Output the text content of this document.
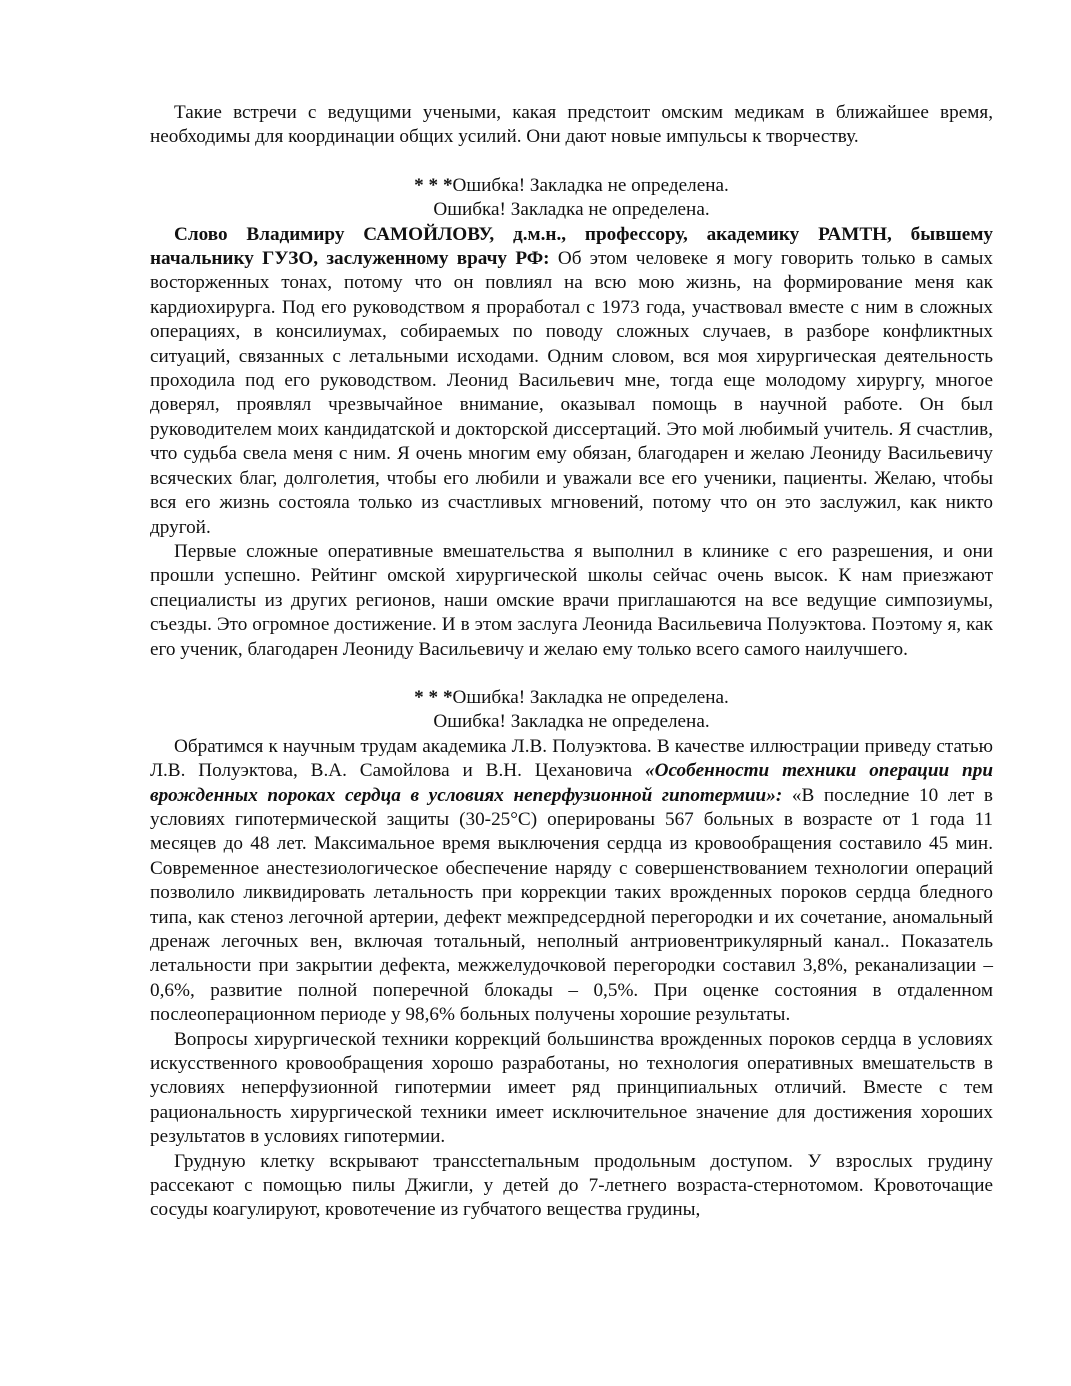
Такие встречи с ведущими учеными, какая предстоит омским медикам в ближайшее время, необходимы для координации общих усилий. Они дают новые импульсы к творчеству.

* * *Ошибка! Закладка не определена.

Ошибка! Закладка не определена.

Слово Владимиру САМОЙЛОВУ, д.м.н., профессору, академику РАМТН, бывшему начальнику ГУЗО, заслуженному врачу РФ: Об этом человеке я могу говорить только в самых восторженных тонах, потому что он повлиял на всю мою жизнь, на формирование меня как кардиохирурга. Под его руководством я проработал с 1973 года, участвовал вместе с ним в сложных операциях, в консилиумах, собираемых по поводу сложных случаев, в разборе конфликтных ситуаций, связанных с летальными исходами. Одним словом, вся моя хирургическая деятельность проходила под его руководством. Леонид Васильевич мне, тогда еще молодому хирургу, многое доверял, проявлял чрезвычайное внимание, оказывал помощь в научной работе. Он был руководителем моих кандидатской и докторской диссертаций. Это мой любимый учитель. Я счастлив, что судьба свела меня с ним. Я очень многим ему обязан, благодарен и желаю Леониду Васильевичу всяческих благ, долголетия, чтобы его любили и уважали все его ученики, пациенты. Желаю, чтобы вся его жизнь состояла только из счастливых мгновений, потому что он это заслужил, как никто другой.

Первые сложные оперативные вмешательства я выполнил в клинике с его разрешения, и они прошли успешно. Рейтинг омской хирургической школы сейчас очень высок. К нам приезжают специалисты из других регионов, наши омские врачи приглашаются на все ведущие симпозиумы, съезды. Это огромное достижение. И в этом заслуга Леонида Васильевича Полуэктова. Поэтому я, как его ученик, благодарен Леониду Васильевичу и желаю ему только всего самого наилучшего.

* * *Ошибка! Закладка не определена.

Ошибка! Закладка не определена.

Обратимся к научным трудам академика Л.В. Полуэктова. В качестве иллюстрации приведу статью Л.В. Полуэктова, В.А. Самойлова и В.Н. Цехановича «Особенности техники операции при врожденных пороках сердца в условиях неперфузионной гипотермии»: «В последние 10 лет в условиях гипотермической защиты (30-25°С) оперированы 567 больных в возрасте от 1 года 11 месяцев до 48 лет. Максимальное время выключения сердца из кровообращения составило 45 мин. Современное анестезиологическое обеспечение наряду с совершенствованием технологии операций позволило ликвидировать летальность при коррекции таких врожденных пороков сердца бледного типа, как стеноз легочной артерии, дефект межпредсердной перегородки и их сочетание, аномальный дренаж легочных вен, включая тотальный, неполный антриовентрикулярный канал.. Показатель летальности при закрытии дефекта, межжелудочковой перегородки составил 3,8%, реканализации – 0,6%, развитие полной поперечной блокады – 0,5%. При оценке состояния в отдаленном послеоперационном периоде у 98,6% больных получены хорошие результаты.

Вопросы хирургической техники коррекций большинства врожденных пороков сердца в условиях искусственного кровообращения хорошо разработаны, но технология оперативных вмешательств в условиях неперфузионной гипотермии имеет ряд принципиальных отличий. Вместе с тем рациональность хирургической техники имеет исключительное значение для достижения хороших результатов в условиях гипотермии.

Грудную клетку вскрывают транссternальным продольным доступом. У взрослых грудину рассекают с помощью пилы Джигли, у детей до 7-летнего возраста-стернотомом. Кровоточащие сосуды коагулируют, кровотечение из губчатого вещества грудины,
